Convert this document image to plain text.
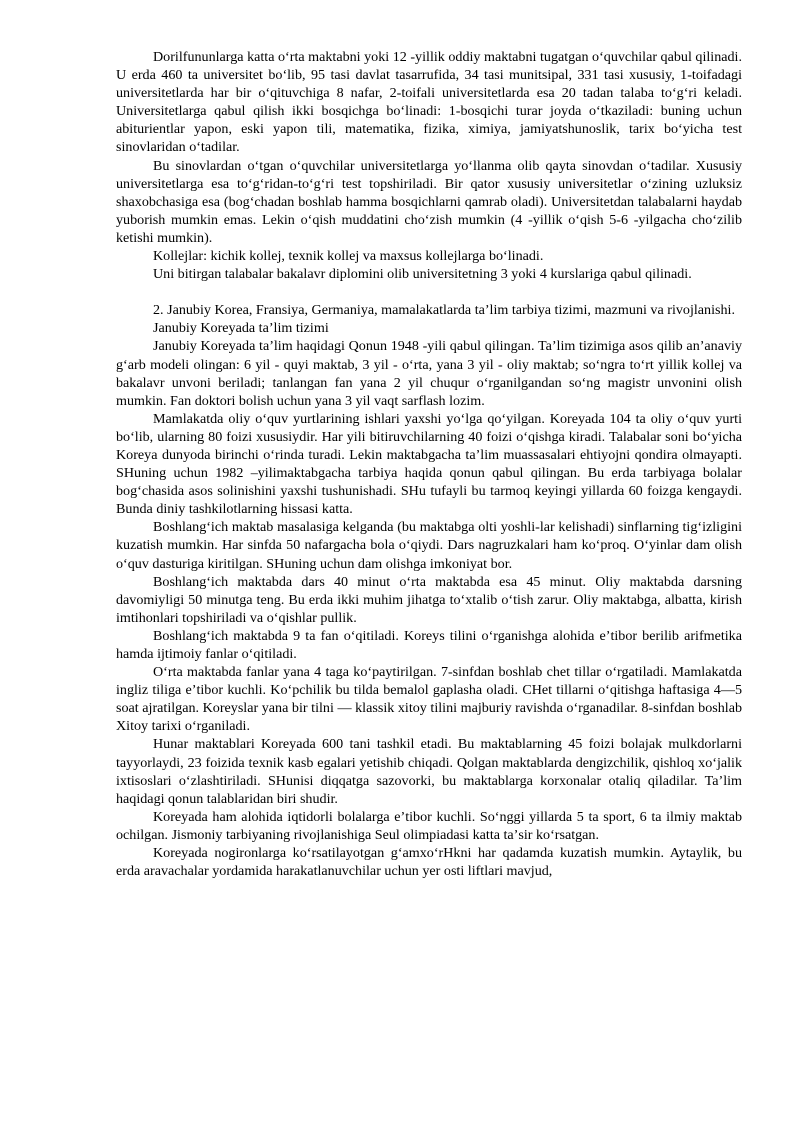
Dorilfununlarga katta oʻrta maktabni yoki 12 -yillik oddiy maktabni tugatgan oʻquvchilar qabul qilinadi. U erda 460 ta universitet boʻlib, 95 tasi davlat tasarrufida, 34 tasi munitsipal, 331 tasi xususiy, 1-toifadagi universitetlarda har bir oʻqituvchiga 8 nafar, 2-toifali universitetlarda esa 20 tadan talaba toʻgʻri keladi. Universitetlarga qabul qilish ikki bosqichga boʻlinadi: 1-bosqichi turar joyda oʻtkaziladi: buning uchun abiturientlar yapon, eski yapon tili, matematika, fizika, ximiya, jamiyatshunoslik, tarix boʻyicha test sinovlaridan oʻtadilar.

Bu sinovlardan oʻtgan oʻquvchilar universitetlarga yoʻllanma olib qayta sinovdan oʻtadilar. Xususiy universitetlarga esa toʻgʻridan-toʻgʻri test topshiriladi. Bir qator xususiy universitetlar oʻzining uzluksiz shaxobchasiga esa (bogʻchadan boshlab hamma bosqichlarni qamrab oladi). Universitetdan talabalarni haydab yuborish mumkin emas. Lekin oʻqish muddatini choʻzish mumkin (4 -yillik oʻqish 5-6 -yilgacha choʻzilib ketishi mumkin).

Kollejlar: kichik kollej, texnik kollej va maxsus kollejlarga boʻlinadi.

Uni bitirgan talabalar bakalavr diplomini olib universitetning 3 yoki 4 kurslariga qabul qilinadi.

2. Janubiy Korea, Fransiya, Germaniya, mamalakatlarda taʼlim tarbiya tizimi, mazmuni va rivojlanishi.

Janubiy Koreyada taʼlim tizimi

Janubiy Koreyada taʼlim haqidagi Qonun 1948 -yili qabul qilingan. Taʼlim tizimiga asos qilib anʼanaviy gʻarb modeli olingan: 6 yil - quyi maktab, 3 yil - oʻrta, yana 3 yil - oliy maktab; soʻngra toʻrt yillik kollej va bakalavr unvoni beriladi; tanlangan fan yana 2 yil chuqur oʻrganilgandan soʻng magistr unvonini olish mumkin. Fan doktori bolish uchun yana 3 yil vaqt sarflash lozim.

Mamlakatda oliy oʻquv yurtlarining ishlari yaxshi yoʻlga qoʻyilgan. Koreyada 104 ta oliy oʻquv yurti boʻlib, ularning 80 foizi xususiydir. Har yili bitiruvchilarning 40 foizi oʻqishga kiradi. Talabalar soni boʻyicha Koreya dunyoda birinchi oʻrinda turadi. Lekin maktabgacha taʼlim muassasalari ehtiyojni qondira olmayapti. SHuning uchun 1982 –yilimaktabgacha tarbiya haqida qonun qabul qilingan. Bu erda tarbiyaga bolalar bogʻchasida asos solinishini yaxshi tushunishadi. SHu tufayli bu tarmoq keyingi yillarda 60 foizga kengaydi. Bunda diniy tashkilotlarning hissasi katta.

Boshlangʻich maktab masalasiga kelganda (bu maktabga olti yoshli-lar kelishadi) sinflarning tigʻizligini kuzatish mumkin. Har sinfda 50 nafargacha bola oʻqiydi. Dars nagruzkalari ham koʻproq. Oʻyinlar dam olish oʻquv dasturiga kiritilgan. SHuning uchun dam olishga imkoniyat bor.

Boshlangʻich maktabda dars 40 minut oʻrta maktabda esa 45 minut. Oliy maktabda darsning davomiyligi 50 minutga teng. Bu erda ikki muhim jihatga toʻxtalib oʻtish zarur. Oliy maktabga, albatta, kirish imtihonlari topshiriladi va oʻqishlar pullik.

Boshlangʻich maktabda 9 ta fan oʻqitiladi. Koreys tilini oʻrganishga alohida eʼtibor berilib arifmetika hamda ijtimoiy fanlar oʻqitiladi.

Oʻrta maktabda fanlar yana 4 taga koʻpaytirilgan. 7-sinfdan boshlab chet tillar oʻrgatiladi. Mamlakatda ingliz tiliga eʼtibor kuchli. Koʻpchilik bu tilda bemalol gaplasha oladi. CHet tillarni oʻqitishga haftasiga 4—5 soat ajratilgan. Koreyslar yana bir tilni — klassik xitoy tilini majburiy ravishda oʻrganadilar. 8-sinfdan boshlab Xitoy tarixi oʻrganiladi.

Hunar maktablari Koreyada 600 tani tashkil etadi. Bu maktablarning 45 foizi bolajak mulkdorlarni tayyorlaydi, 23 foizida texnik kasb egalari yetishib chiqadi. Qolgan maktablarda dengizchilik, qishloq xoʻjalik ixtisoslari oʻzlashtiriladi. SHunisi diqqatga sazovorki, bu maktablarga korxonalar otaliq qiladilar. Taʼlim haqidagi qonun talablaridan biri shudir.

Koreyada ham alohida iqtidorli bolalarga eʼtibor kuchli. Soʻnggi yillarda 5 ta sport, 6 ta ilmiy maktab ochilgan. Jismoniy tarbiyaning rivojlanishiga Seul olimpiadasi katta taʼsir koʻrsatgan.

Koreyada nogironlarga koʻrsatilayotgan gʻamxoʻrHkni har qadamda kuzatish mumkin. Aytaylik, bu erda aravachalar yordamida harakatlanuvchilar uchun yer osti liftlari mavjud,
